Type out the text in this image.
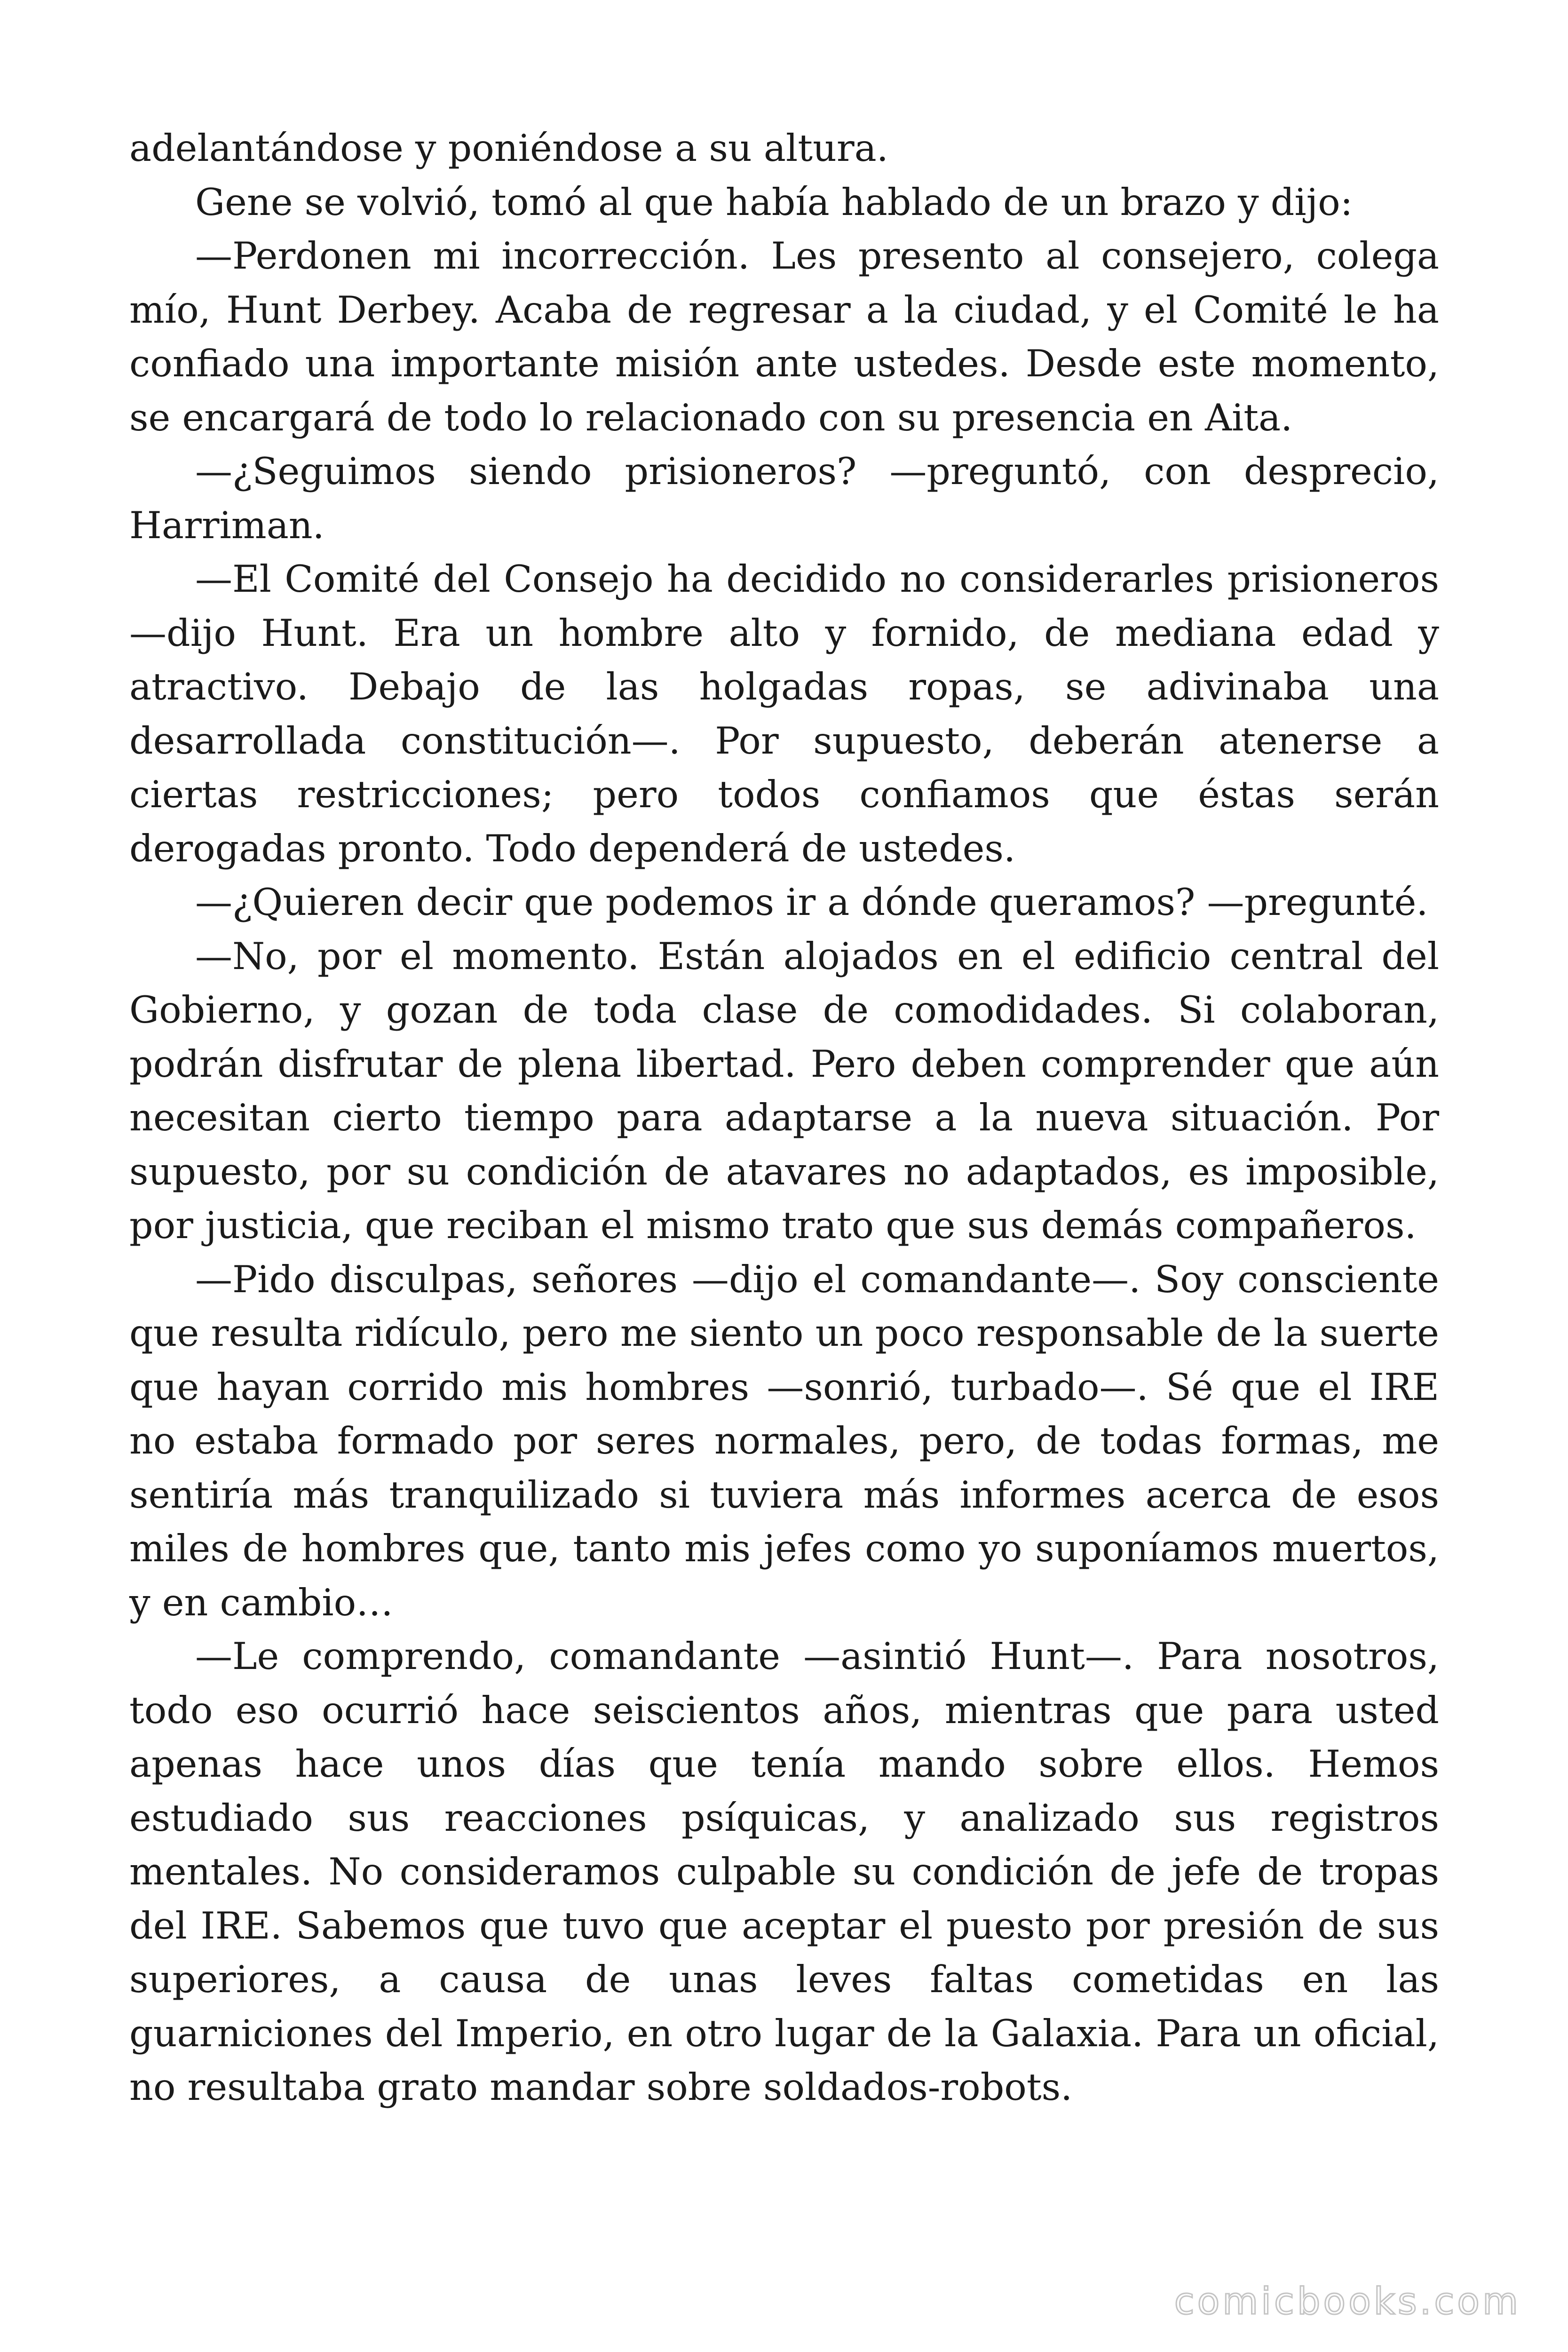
adelantándose y poniéndose a su altura.

Gene se volvió, tomó al que había hablado de un brazo y dijo:

—Perdonen mi incorrección. Les presento al consejero, colega mío, Hunt Derbey. Acaba de regresar a la ciudad, y el Comité le ha confiado una importante misión ante ustedes. Desde este momento, se encargará de todo lo relacionado con su presencia en Aita.

—¿Seguimos siendo prisioneros? —preguntó, con desprecio, Harriman.

—El Comité del Consejo ha decidido no considerarles prisioneros —dijo Hunt. Era un hombre alto y fornido, de mediana edad y atractivo. Debajo de las holgadas ropas, se adivinaba una desarrollada constitución—. Por supuesto, deberán atenerse a ciertas restricciones; pero todos confiamos que éstas serán derogadas pronto. Todo dependerá de ustedes.

—¿Quieren decir que podemos ir a dónde queramos? —pregunté.

—No, por el momento. Están alojados en el edificio central del Gobierno, y gozan de toda clase de comodidades. Si colaboran, podrán disfrutar de plena libertad. Pero deben comprender que aún necesitan cierto tiempo para adaptarse a la nueva situación. Por supuesto, por su condición de atavares no adaptados, es imposible, por justicia, que reciban el mismo trato que sus demás compañeros.

—Pido disculpas, señores —dijo el comandante—. Soy consciente que resulta ridículo, pero me siento un poco responsable de la suerte que hayan corrido mis hombres —sonrió, turbado—. Sé que el IRE no estaba formado por seres normales, pero, de todas formas, me sentiría más tranquilizado si tuviera más informes acerca de esos miles de hombres que, tanto mis jefes como yo suponíamos muertos, y en cambio…

—Le comprendo, comandante —asintió Hunt—. Para nosotros, todo eso ocurrió hace seiscientos años, mientras que para usted apenas hace unos días que tenía mando sobre ellos. Hemos estudiado sus reacciones psíquicas, y analizado sus registros mentales. No consideramos culpable su condición de jefe de tropas del IRE. Sabemos que tuvo que aceptar el puesto por presión de sus superiores, a causa de unas leves faltas cometidas en las guarniciones del Imperio, en otro lugar de la Galaxia. Para un oficial, no resultaba grato mandar sobre soldados-robots.

comicbooks.com
